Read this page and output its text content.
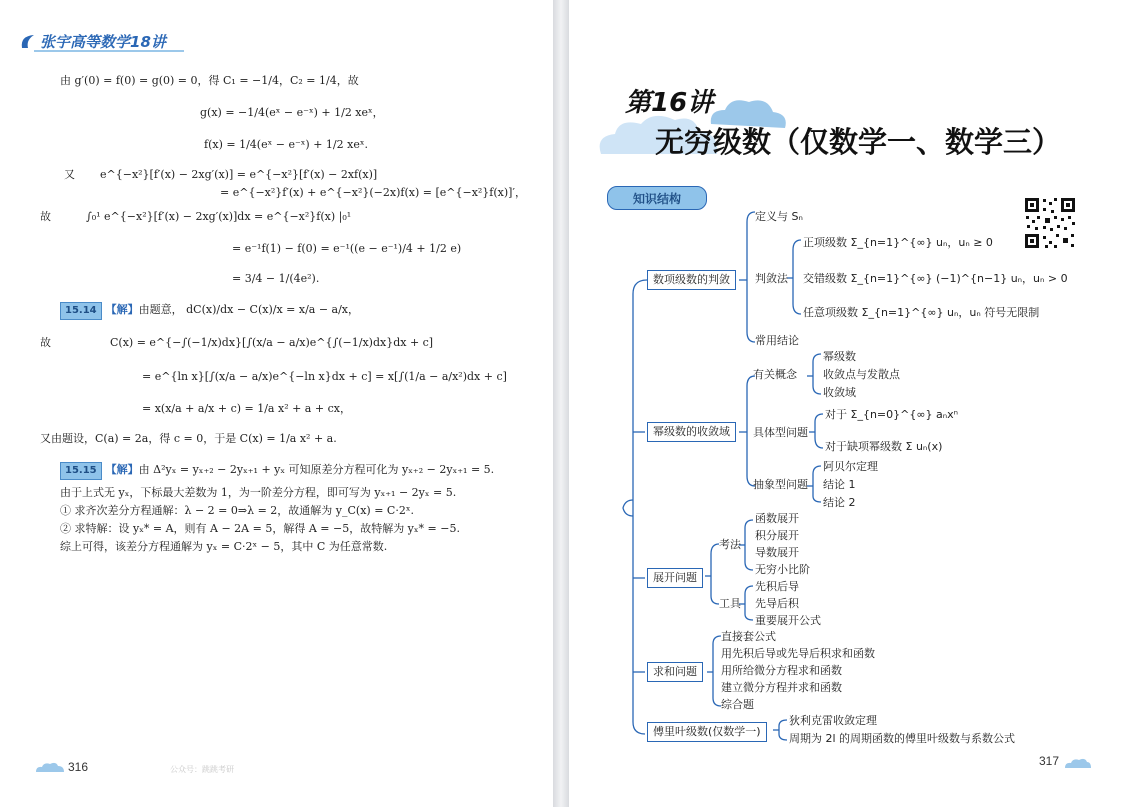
张宇高等数学18讲
由 g′(0) = f(0) = g(0) = 0，得 C₁ = −1/4，C₂ = 1/4，故
g(x) = −1/4(eˣ − e⁻ˣ) + 1/2 xeˣ，
f(x) = 1/4(eˣ − e⁻ˣ) + 1/2 xeˣ.
又 e^{−x²}[f′(x) − 2xg′(x)] = e^{−x²}[f′(x) − 2xf(x)]
= e^{−x²}f′(x) + e^{−x²}(−2x)f(x) = [e^{−x²}f(x)]′，
故	∫₀¹ e^{−x²}[f′(x) − 2xg′(x)]dx = e^{−x²}f(x) |₀¹
= e⁻¹f(1) − f(0) = e⁻¹((e − e⁻¹)/4 + 1/2 e)
= 3/4 − 1/(4e²).
15.14 【解】由题意， dC(x)/dx − C(x)/x = x/a − a/x，
故	C(x) = e^{−∫(−1/x)dx}[∫(x/a − a/x)e^{∫(−1/x)dx}dx + c]
= e^{ln x}[∫(x/a − a/x)e^{−ln x}dx + c] = x[∫(1/a − a/x²)dx + c]
= x(x/a + a/x + c) = 1/a x² + a + cx，
又由题设，C(a) = 2a，得 c = 0，于是 C(x) = 1/a x² + a.
15.15 【解】由 Δ²yₓ = yₓ₊₂ − 2yₓ₊₁ + yₓ 可知原差分方程可化为 yₓ₊₂ − 2yₓ₊₁ = 5.
由于上式无 yₓ，下标最大差数为 1，为一阶差分方程，即可写为 yₓ₊₁ − 2yₓ = 5.
① 求齐次差分方程通解：λ − 2 = 0⇒λ = 2，故通解为 y_C(x) = C·2ˣ.
② 求特解：设 yₓ* = A，则有 A − 2A = 5，解得 A = −5，故特解为 yₓ* = −5.
综上可得，该差分方程通解为 yₓ = C·2ˣ − 5，其中 C 为任意常数.
316	公众号：跳跳考研
第16讲
无穷级数（仅数学一、数学三）
知识结构
数项级数的判敛
定义与 Sₙ
判敛法
正项级数 Σ_{n=1}^{∞} uₙ，uₙ ≥ 0
交错级数 Σ_{n=1}^{∞} (−1)^{n−1} uₙ，uₙ > 0
任意项级数 Σ_{n=1}^{∞} uₙ，uₙ 符号无限制
常用结论
幂级数的收敛域
有关概念
幂级数
收敛点与发散点
收敛域
具体型问题
对于 Σ_{n=0}^{∞} aₙxⁿ
对于缺项幂级数 Σ uₙ(x)
抽象型问题
阿贝尔定理
结论 1
结论 2
展开问题
考法
函数展开
积分展开
导数展开
无穷小比阶
工具
先积后导
先导后积
重要展开公式
求和问题
直接套公式
用先积后导或先导后积求和函数
用所给微分方程求和函数
建立微分方程并求和函数
综合题
傅里叶级数(仅数学一)
狄利克雷收敛定理
周期为 2l 的周期函数的傅里叶级数与系数公式
317
